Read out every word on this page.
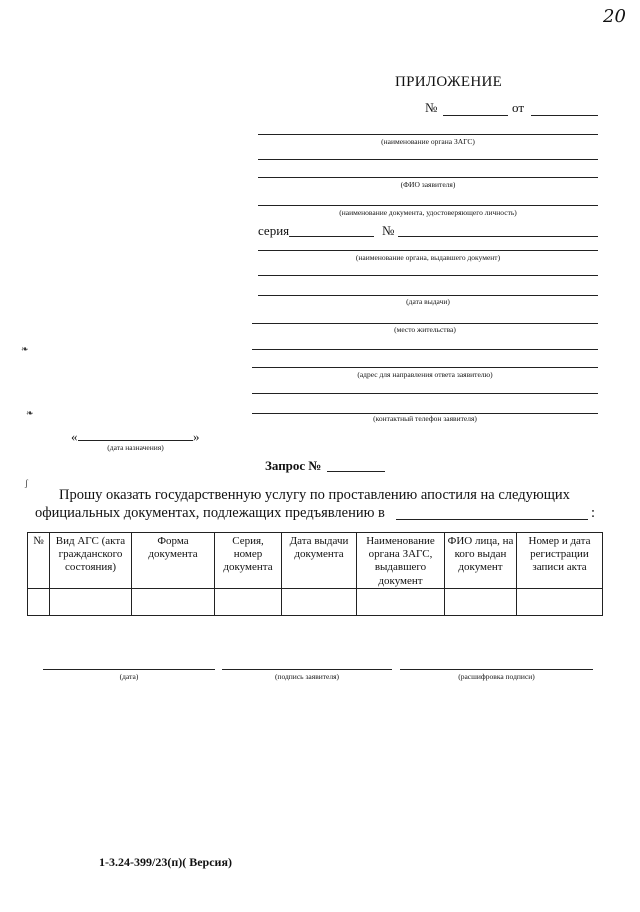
20
ПРИЛОЖЕНИЕ
№	от
(наименование органа ЗАГС)
(ФИО заявителя)
(наименование документа, удостоверяющего личность)
серия	№
(наименование органа, выдавшего документ)
(дата выдачи)
(место жительства)
(адрес для направления ответа заявителю)
(контактный телефон заявителя)
«	»
(дата назначения)
Запрос №
Прошу оказать государственную услугу по проставлению апостиля на следующих
официальных документах, подлежащих предъявлению в	:
№	Вид АГС (акта гражданского состояния)	Форма документа	Серия, номер документа	Дата выдачи документа	Наименование органа ЗАГС, выдавшего документ	ФИО лица, на кого выдан документ	Номер и дата регистрации записи акта

(дата)	(подпись заявителя)	(расшифровка подписи)
1-3.24-399/23(п)( Версия)
❧
❧
ʃ
